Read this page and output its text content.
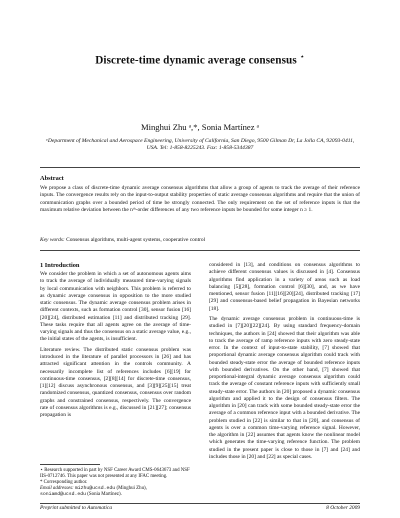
Discrete-time dynamic average consensus ⋆
Minghui Zhu ᵃ,*, Sonia Martínez ᵃ
ᵃDepartment of Mechanical and Aerospace Engineering, University of California, San Diego, 9500 Gilman Dr, La Jolla CA, 92093-0411, USA. Tel: 1-858-8225243. Fax: 1-858-5344387
Abstract
We propose a class of discrete-time dynamic average consensus algorithms that allow a group of agents to track the average of their reference inputs. The convergence results rely on the input-to-output stability properties of static average consensus algorithms and require that the union of communication graphs over a bounded period of time be strongly connected. The only requirement on the set of reference inputs is that the maximum relative deviation between the nᵗʰ-order differences of any two reference inputs be bounded for some integer n ≥ 1.
Key words: Consensus algorithms, multi-agent systems, cooperative control
1 Introduction

We consider the problem in which a set of autonomous agents aims to track the average of individually measured time-varying signals by local communication with neighbors. This problem is referred to as dynamic average consensus in opposition to the more studied static consensus. The dynamic average consensus problem arises in different contexts, such as formation control [30], sensor fusion [16][20][24], distributed estimation [11] and distributed tracking [29]. These tasks require that all agents agree on the average of time-varying signals and thus the consensus on a static average value, e.g., the initial states of the agents, is insufficient.

Literature review. The distributed static consensus problem was introduced in the literature of parallel processors in [26] and has attracted significant attention in the controls community. A necessarily incomplete list of references includes [6][19] for continuous-time consensus, [2][8][14] for discrete-time consensus, [1][12] discuss asynchronous consensus, and [3][9][25][15] treat randomized consensus, quantized consensus, consensus over random graphs and constrained consensus, respectively. The convergence rate of consensus algorithms is e.g., discussed in [21][27]; consensus propagation is

considered in [13], and conditions on consensus algorithms to achieve different consensus values is discussed in [4]. Consensus algorithms find application in a variety of areas such as load balancing [5][28], formation control [6][30], and, as we have mentioned, sensor fusion [11][16][20][24], distributed tracking [17][29] and consensus-based belief propagation in Bayesian networks [18].

The dynamic average consensus problem in continuous-time is studied in [7][20][22][24]. By using standard frequency-domain techniques, the authors in [24] showed that their algorithm was able to track the average of ramp reference inputs with zero steady-state error. In the context of input-to-state stability, [7] showed that proportional dynamic average consensus algorithm could track with bounded steady-state error the average of bounded reference inputs with bounded derivatives. On the other hand, [7] showed that proportional-integral dynamic average consensus algorithm could track the average of constant reference inputs with sufficiently small steady-state error. The authors in [20] proposed a dynamic consensus algorithm and applied it to the design of consensus filters. The algorithm in [20] can track with some bounded steady-state error the average of a common reference input with a bounded derivative. The problem studied in [22] is similar to that in [20], and consensus of agents is over a common time-varying reference signal. However, the algorithm in [22] assumes that agents know the nonlinear model which generates the time-varying reference function. The problem studied in the present paper is close to those in [7] and [24] and includes those in [20] and [22] as special cases.

⋆ Research supported in part by NSF Career Award CMS-0643673 and NSF IIS-0712746. This paper was not presented at any IFAC meeting.

* Corresponding author.

Email addresses: mizhu@ucsd.edu (Minghui Zhu), soniamd@ucsd.edu (Sonia Martínez).

Preprint submitted to Automatica	8 October 2009
